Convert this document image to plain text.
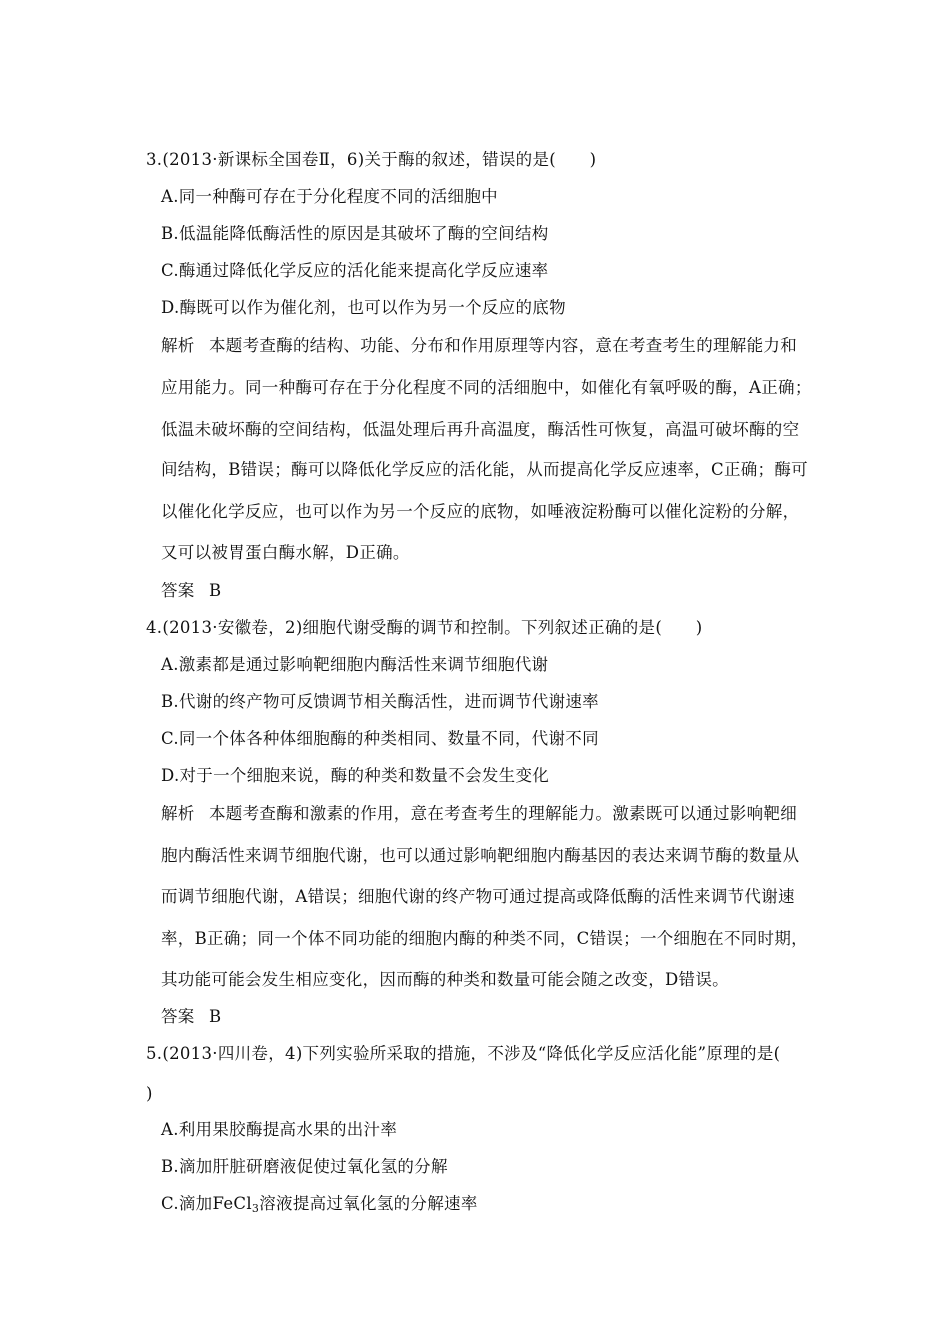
3.(2013·新课标全国卷Ⅱ，6)关于酶的叙述，错误的是(　　)
A.同一种酶可存在于分化程度不同的活细胞中
B.低温能降低酶活性的原因是其破坏了酶的空间结构
C.酶通过降低化学反应的活化能来提高化学反应速率
D.酶既可以作为催化剂，也可以作为另一个反应的底物
解析 本题考查酶的结构、功能、分布和作用原理等内容，意在考查考生的理解能力和
应用能力。同一种酶可存在于分化程度不同的活细胞中，如催化有氧呼吸的酶，A正确；
低温未破坏酶的空间结构，低温处理后再升高温度，酶活性可恢复，高温可破坏酶的空
间结构，B错误；酶可以降低化学反应的活化能，从而提高化学反应速率，C正确；酶可
以催化化学反应，也可以作为另一个反应的底物，如唾液淀粉酶可以催化淀粉的分解，
又可以被胃蛋白酶水解，D正确。
答案 B
4.(2013·安徽卷，2)细胞代谢受酶的调节和控制。下列叙述正确的是(　　)
A.激素都是通过影响靶细胞内酶活性来调节细胞代谢
B.代谢的终产物可反馈调节相关酶活性，进而调节代谢速率
C.同一个体各种体细胞酶的种类相同、数量不同，代谢不同
D.对于一个细胞来说，酶的种类和数量不会发生变化
解析 本题考查酶和激素的作用，意在考查考生的理解能力。激素既可以通过影响靶细
胞内酶活性来调节细胞代谢，也可以通过影响靶细胞内酶基因的表达来调节酶的数量从
而调节细胞代谢，A错误；细胞代谢的终产物可通过提高或降低酶的活性来调节代谢速
率，B正确；同一个体不同功能的细胞内酶的种类不同，C错误；一个细胞在不同时期，
其功能可能会发生相应变化，因而酶的种类和数量可能会随之改变，D错误。
答案 B
5.(2013·四川卷，4)下列实验所采取的措施，不涉及“降低化学反应活化能”原理的是(
)
A.利用果胶酶提高水果的出汁率
B.滴加肝脏研磨液促使过氧化氢的分解
C.滴加FeCl$_3$溶液提高过氧化氢的分解速率
